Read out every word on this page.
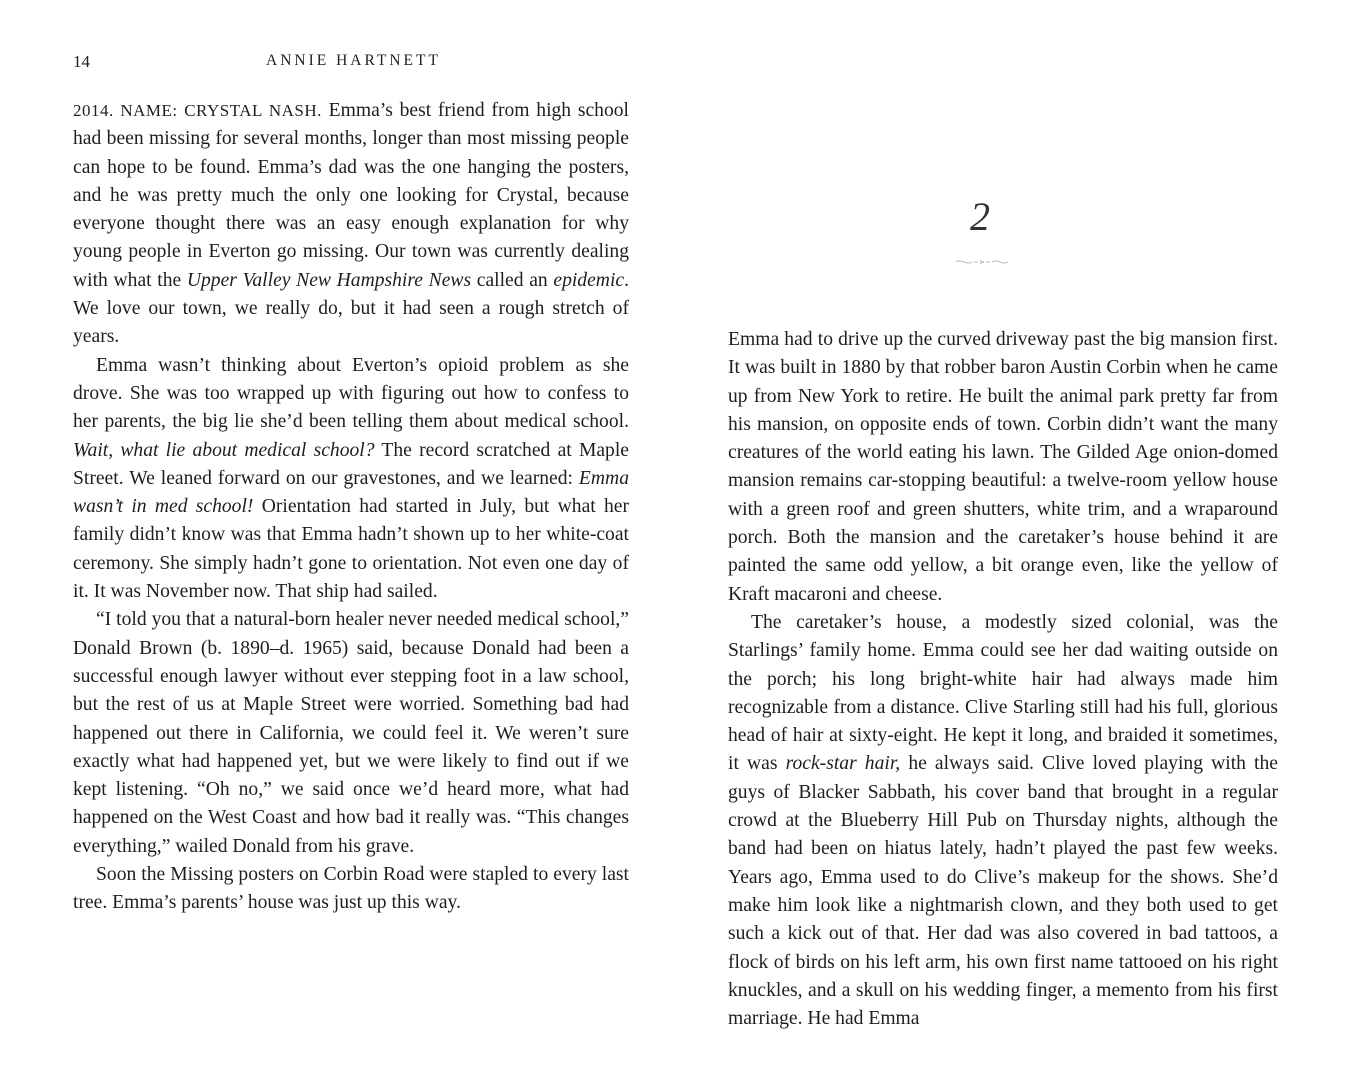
14	ANNIE HARTNETT

2014. NAME: CRYSTAL NASH. Emma’s best friend from high school had been missing for several months, longer than most missing people can hope to be found. Emma’s dad was the one hanging the posters, and he was pretty much the only one looking for Crystal, because everyone thought there was an easy enough explanation for why young people in Everton go missing. Our town was currently dealing with what the Upper Valley New Hampshire News called an epidemic. We love our town, we really do, but it had seen a rough stretch of years.

Emma wasn’t thinking about Everton’s opioid problem as she drove. She was too wrapped up with figuring out how to confess to her parents, the big lie she’d been telling them about medical school. Wait, what lie about medical school? The record scratched at Maple Street. We leaned forward on our gravestones, and we learned: Emma wasn’t in med school! Orientation had started in July, but what her family didn’t know was that Emma hadn’t shown up to her white-coat ceremony. She simply hadn’t gone to orientation. Not even one day of it. It was November now. That ship had sailed.

“I told you that a natural-born healer never needed medical school,” Donald Brown (b. 1890–d. 1965) said, because Donald had been a successful enough lawyer without ever stepping foot in a law school, but the rest of us at Maple Street were worried. Something bad had happened out there in California, we could feel it. We weren’t sure exactly what had happened yet, but we were likely to find out if we kept listening. “Oh no,” we said once we’d heard more, what had happened on the West Coast and how bad it really was. “This changes everything,” wailed Donald from his grave.

Soon the Missing posters on Corbin Road were stapled to every last tree. Emma’s parents’ house was just up this way.

2

Emma had to drive up the curved driveway past the big mansion first. It was built in 1880 by that robber baron Austin Corbin when he came up from New York to retire. He built the animal park pretty far from his mansion, on opposite ends of town. Corbin didn’t want the many creatures of the world eating his lawn. The Gilded Age onion-domed mansion remains car-stopping beautiful: a twelve-room yellow house with a green roof and green shutters, white trim, and a wraparound porch. Both the mansion and the caretaker’s house behind it are painted the same odd yellow, a bit orange even, like the yellow of Kraft macaroni and cheese.

The caretaker’s house, a modestly sized colonial, was the Starlings’ family home. Emma could see her dad waiting outside on the porch; his long bright-white hair had always made him recognizable from a distance. Clive Starling still had his full, glorious head of hair at sixty-eight. He kept it long, and braided it sometimes, it was rock-star hair, he always said. Clive loved playing with the guys of Blacker Sabbath, his cover band that brought in a regular crowd at the Blueberry Hill Pub on Thursday nights, although the band had been on hiatus lately, hadn’t played the past few weeks. Years ago, Emma used to do Clive’s makeup for the shows. She’d make him look like a nightmarish clown, and they both used to get such a kick out of that. Her dad was also covered in bad tattoos, a flock of birds on his left arm, his own first name tattooed on his right knuckles, and a skull on his wedding finger, a memento from his first marriage. He had Emma
